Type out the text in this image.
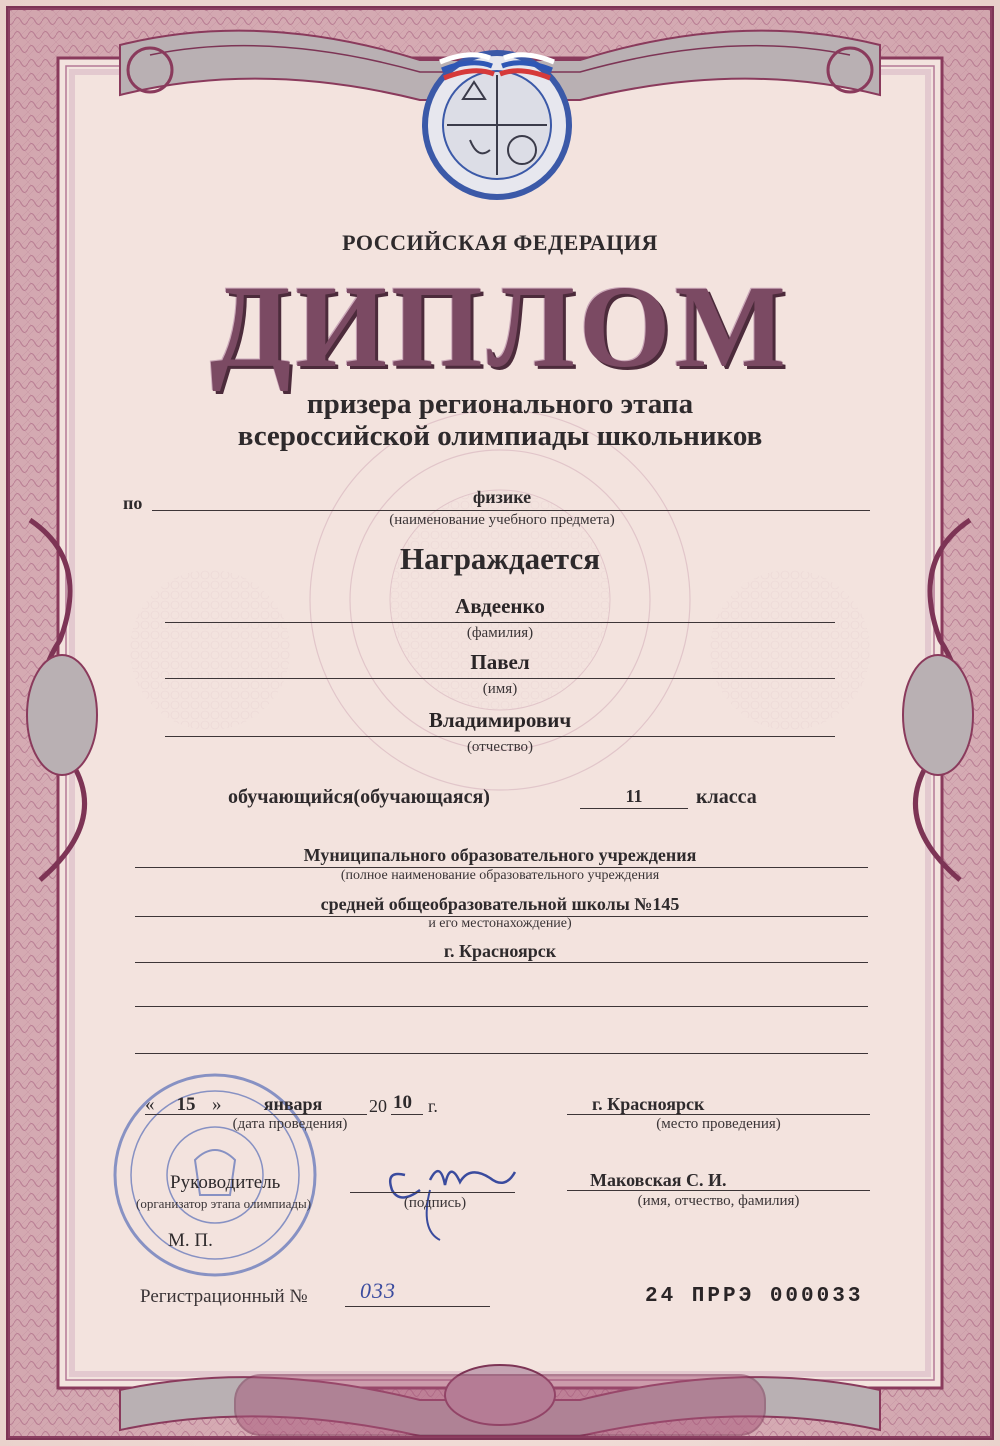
РОССИЙСКАЯ ФЕДЕРАЦИЯ
ДИПЛОМ
призера регионального этапа
всероссийской олимпиады школьников
по	физике
(наименование учебного предмета)
Награждается
Авдеенко
(фамилия)
Павел
(имя)
Владимирович
(отчество)
обучающийся(обучающаяся)	11	класса
Муниципального образовательного учреждения
(полное наименование образовательного учреждения
средней общеобразовательной школы №145
и его местонахождение)
г. Красноярск
«	15 »	января	20 10 г.
(дата проведения)
г. Красноярск
(место проведения)
Руководитель
(организатор этапа олимпиады)	(подпись)
Маковская С. И.
(имя, отчество, фамилия)
М. П.
Регистрационный № 033	24 ПРРЭ 000033
